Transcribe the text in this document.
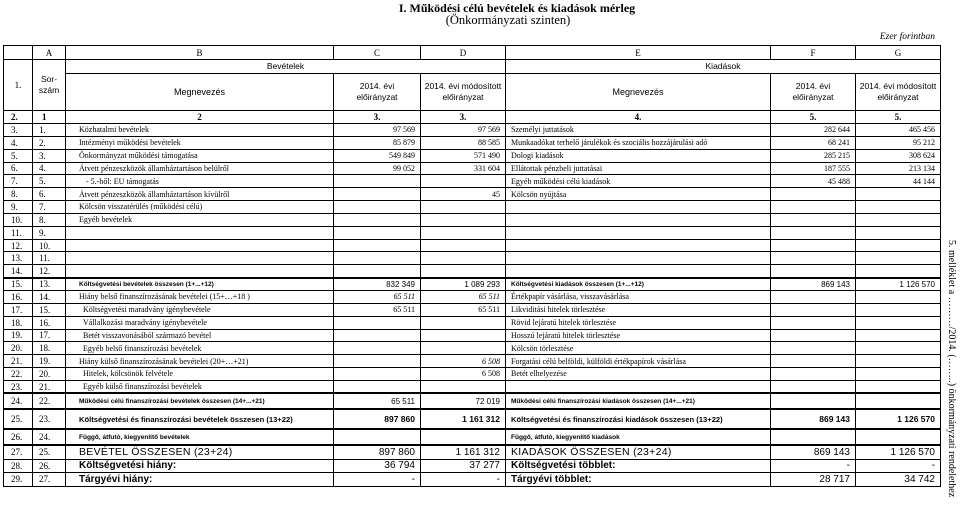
I. Működési célú bevételek és kiadások mérleg
(Önkormányzati szinten)
Ezer forintban
5. melléklet a ………/2014. (……..) önkormányzati rendelethez
	A	B	C	D	E	F	G
1.	Sor-szám	Bevételek			Kiadások		
		Megnevezés	2014. évi előirányzat	2014. évi módosított előirányzat	Megnevezés	2014. évi előirányzat	2014. évi módosított előirányzat
2.	1	2	3.	3.	4.	5.	5.
3.	1.	Közhatalmi bevételek	97 569	97 569	Személyi juttatások	282 644	465 456
4.	2.	Intézményi működési bevételek	85 879	88 585	Munkaadókat terhelő járulékok és szociális hozzájárulási adó	68 241	95 212
5.	3.	Önkormányzat működési támogatása	549 849	571 490	Dologi kiadások	285 215	308 624
6.	4.	Átvett pénzeszközök államháztartáson belülről	99 052	331 604	Ellátottak pénzbeli juttatásai	187 555	213 134
7.	5.	- 5.-ből: EU támogatás			Egyéb működési célú kiadások	45 488	44 144
8.	6.	Átvett pénzeszközök államháztartáson kívülről		45	Kölcsön nyújtása		
9.	7.	Kölcsön visszatérülés (működési célú)					
10.	8.	Egyéb bevételek					
11.	9.						
12.	10.						
13.	11.						
14.	12.						
15.	13.	Költségvetési bevételek összesen (1+...+12)	832 349	1 089 293	Költségvetési kiadások összesen (1+...+12)	869 143	1 126 570
16.	14.	Hiány belső finanszírozásának bevételei (15+…+18 )	65 511	65 511	Értékpapír vásárlása, visszavásárlása		
17.	15.	Költségvetési maradvány igénybevétele	65 511	65 511	Likviditási hitelek törlesztése		
18.	16.	Vállalkozási maradvány igénybevétele			Rövid lejáratú hitelek törlesztése		
19.	17.	Betét visszavonásából származó bevétel			Hosszú lejáratú hitelek törlesztése		
20.	18.	Egyéb belső finanszírozási bevételek			Kölcsön törlesztése		
21.	19.	Hiány külső finanszírozásának bevételei (20+…+21)		6 508	Forgatási célú belföldi, külföldi értékpapírok vásárlása		
22.	20.	Hitelek, kölcsönök felvétele		6 508	Betét elhelyezése		
23.	21.	Egyéb külső finanszírozási bevételek					
24.	22.	Működési célú finanszírozási bevételek összesen (14+...+21)	65 511	72 019	Működési célú finanszírozási kiadások összesen (14+...+21)		
25.	23.	Költségvetési és finanszírozási bevételek összesen (13+22)	897 860	1 161 312	Költségvetési és finanszírozási kiadások összesen (13+22)	869 143	1 126 570
26.	24.	Függő, átfutó, kiegyenlítő bevételek			Függő, átfutó, kiegyenlítő kiadások		
27.	25.	BEVÉTEL ÖSSZESEN (23+24)	897 860	1 161 312	KIADÁSOK ÖSSZESEN (23+24)	869 143	1 126 570
28.	26.	Költségvetési hiány:	36 794	37 277	Költségvetési többlet:	-	-
29.	27.	Tárgyévi hiány:	-	-	Tárgyévi többlet:	28 717	34 742
